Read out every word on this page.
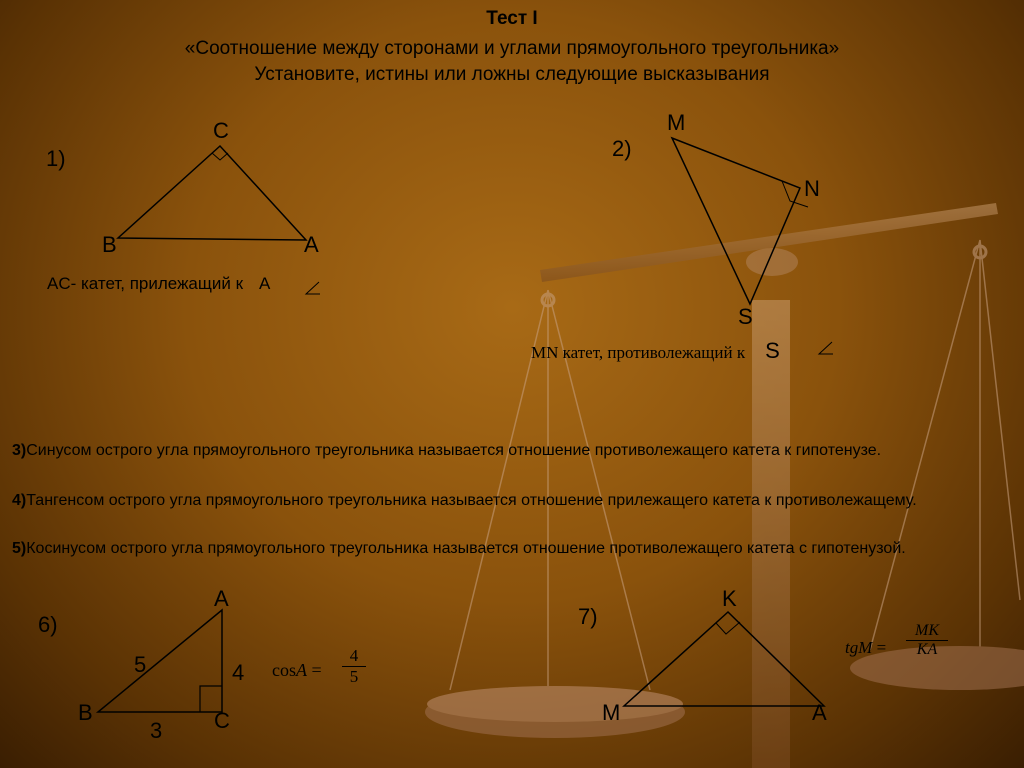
Тест I
«Соотношение между сторонами и углами прямоугольного треугольника»
Установите, истины или ложны следующие высказывания
1)
C
B	A
AC- катет, прилежащий к A
2)
M
N
S
MN катет, противолежащий к S
3)Синусом острого угла прямоугольного треугольника называется отношение противолежащего катета к гипотенузе.
4)Тангенсом острого угла прямоугольного треугольника называется отношение прилежащего катета к противолежащему.
5)Косинусом острого угла прямоугольного треугольника называется отношение противолежащего катета с гипотенузой.
6)
A
B	C
5	4
3
$\cos A = \frac{4}{5}$
7)
K
M	A
tgM = $\frac{MK}{KA}$
